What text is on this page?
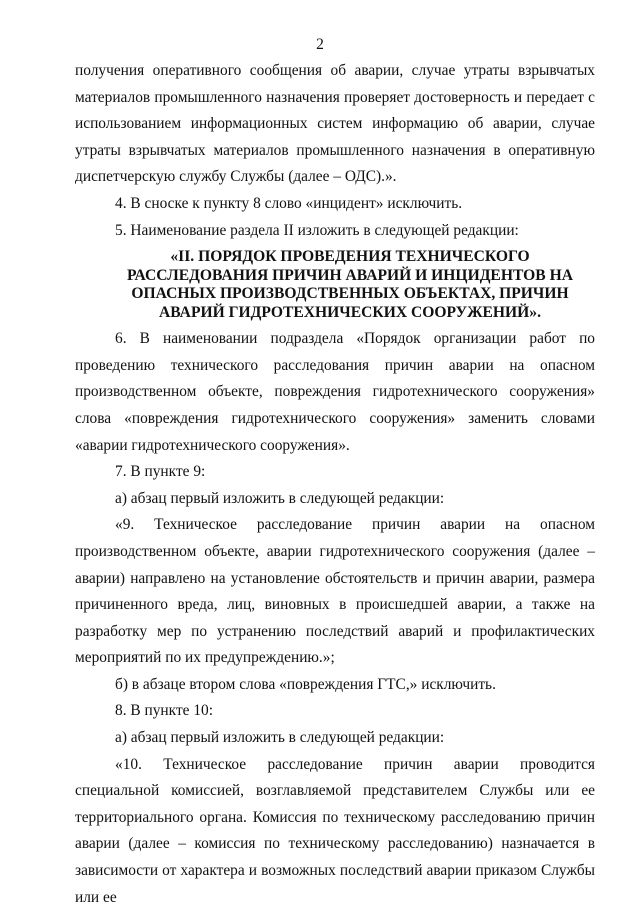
2

получения оперативного сообщения об аварии, случае утраты взрывчатых материалов промышленного назначения проверяет достоверность и передает с использованием информационных систем информацию об аварии, случае утраты взрывчатых материалов промышленного назначения в оперативную диспетчерскую службу Службы (далее – ОДС).».

4. В сноске к пункту 8 слово «инцидент» исключить.

5. Наименование раздела II изложить в следующей редакции:

«II. ПОРЯДОК ПРОВЕДЕНИЯ ТЕХНИЧЕСКОГО РАССЛЕДОВАНИЯ ПРИЧИН АВАРИЙ И ИНЦИДЕНТОВ НА ОПАСНЫХ ПРОИЗВОДСТВЕННЫХ ОБЪЕКТАХ, ПРИЧИН АВАРИЙ ГИДРОТЕХНИЧЕСКИХ СООРУЖЕНИЙ».

6. В наименовании подраздела «Порядок организации работ по проведению технического расследования причин аварии на опасном производственном объекте, повреждения гидротехнического сооружения» слова «повреждения гидротехнического сооружения» заменить словами «аварии гидротехнического сооружения».

7. В пункте 9:

а) абзац первый изложить в следующей редакции:

«9. Техническое расследование причин аварии на опасном производственном объекте, аварии гидротехнического сооружения (далее – аварии) направлено на установление обстоятельств и причин аварии, размера причиненного вреда, лиц, виновных в происшедшей аварии, а также на разработку мер по устранению последствий аварий и профилактических мероприятий по их предупреждению.»;

б) в абзаце втором слова «повреждения ГТС,» исключить.

8. В пункте 10:

а) абзац первый изложить в следующей редакции:

«10. Техническое расследование причин аварии проводится специальной комиссией, возглавляемой представителем Службы или ее территориального органа. Комиссия по техническому расследованию причин аварии (далее – комиссия по техническому расследованию) назначается в зависимости от характера и возможных последствий аварии приказом Службы или ее
